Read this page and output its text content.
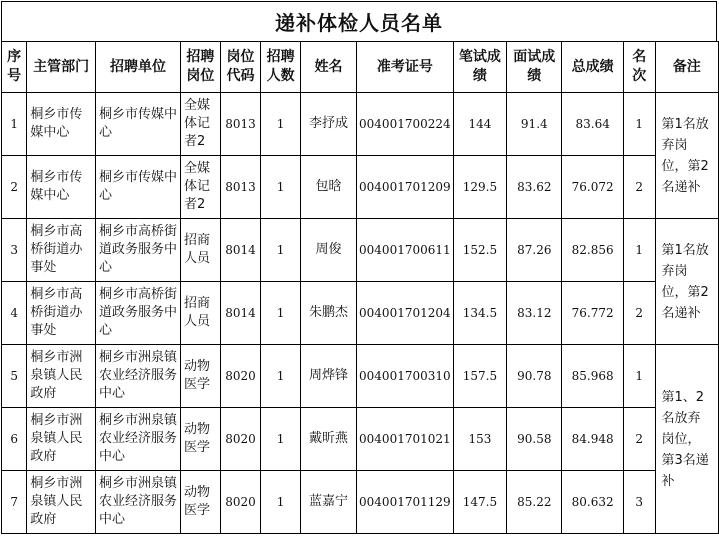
递补体检人员名单
序号	主管部门	招聘单位	招聘岗位	岗位代码	招聘人数	姓名	准考证号	笔试成绩	面试成绩	总成绩	名次	备注
1	桐乡市传媒中心	桐乡市传媒中心	全媒体记者2	8013	1	李抒成	004001700224	144	91.4	83.64	1	第1名放弃岗位，第2名递补
2	桐乡市传媒中心	桐乡市传媒中心	全媒体记者2	8013	1	包晗	004001701209	129.5	83.62	76.072	2	
3	桐乡市高桥街道办事处	桐乡市高桥街道政务服务中心	招商人员	8014	1	周俊	004001700611	152.5	87.26	82.856	1	第1名放弃岗位，第2名递补
4	桐乡市高桥街道办事处	桐乡市高桥街道政务服务中心	招商人员	8014	1	朱鹏杰	004001701204	134.5	83.12	76.772	2	
5	桐乡市洲泉镇人民政府	桐乡市洲泉镇农业经济服务中心	动物医学	8020	1	周烨锋	004001700310	157.5	90.78	85.968	1	第1、2名放弃岗位，第3名递补
6	桐乡市洲泉镇人民政府	桐乡市洲泉镇农业经济服务中心	动物医学	8020	1	戴昕燕	004001701021	153	90.58	84.948	2	
7	桐乡市洲泉镇人民政府	桐乡市洲泉镇农业经济服务中心	动物医学	8020	1	蓝嘉宁	004001701129	147.5	85.22	80.632	3	
